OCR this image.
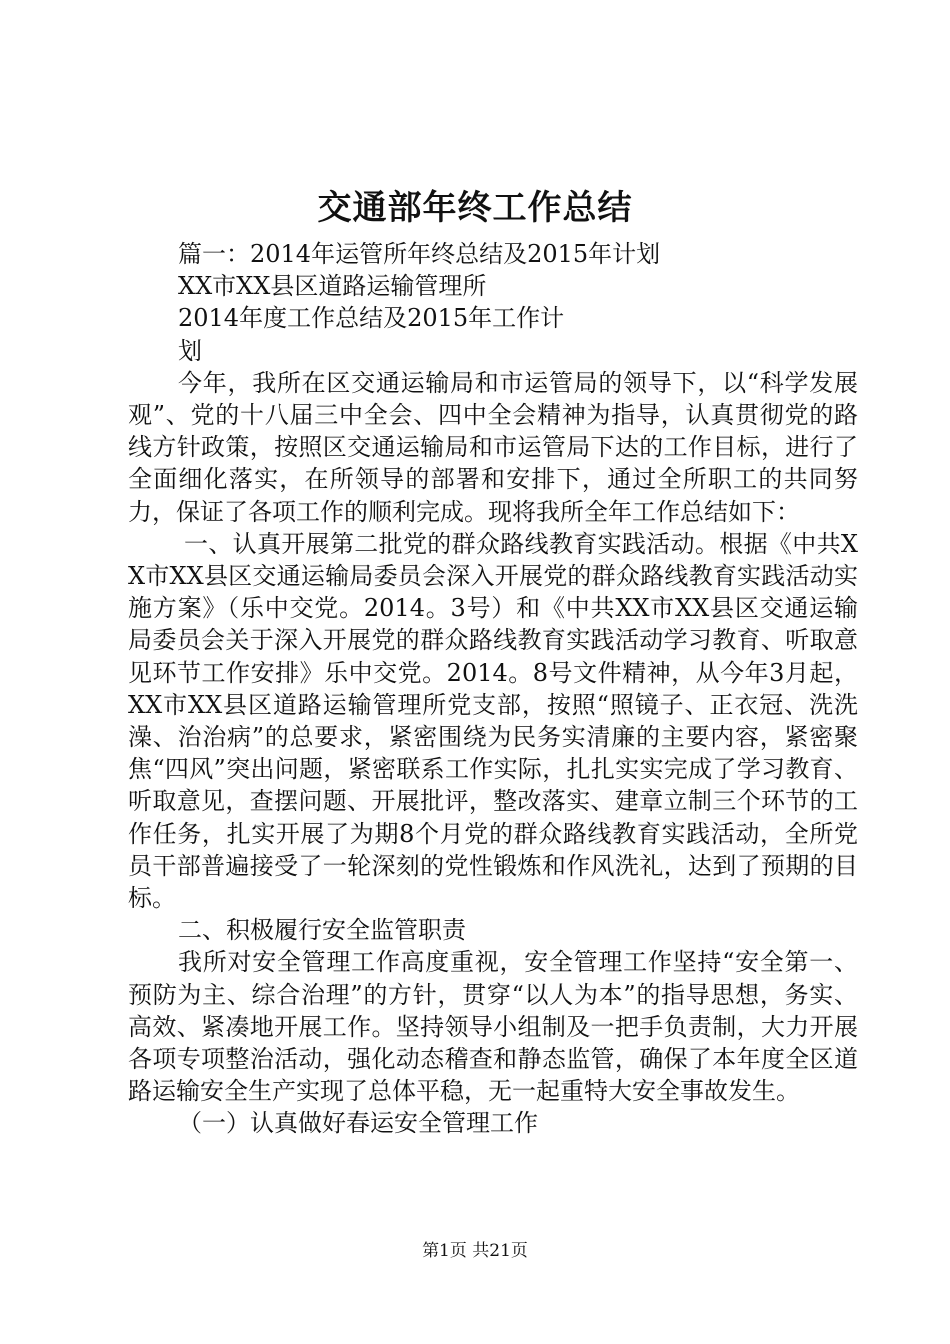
交通部年终工作总结

篇一：2014年运管所年终总结及2015年计划

XX市XX县区道路运输管理所

2014年度工作总结及2015年工作计

划

今年，我所在区交通运输局和市运管局的领导下，以“科学发展观”、党的十八届三中全会、四中全会精神为指导，认真贯彻党的路线方针政策，按照区交通运输局和市运管局下达的工作目标，进行了全面细化落实，在所领导的部署和安排下，通过全所职工的共同努力，保证了各项工作的顺利完成。现将我所全年工作总结如下：

一、认真开展第二批党的群众路线教育实践活动。根据《中共XX市XX县区交通运输局委员会深入开展党的群众路线教育实践活动实施方案》（乐中交党。2014。3号）和《中共XX市XX县区交通运输局委员会关于深入开展党的群众路线教育实践活动学习教育、听取意见环节工作安排》乐中交党。2014。8号文件精神，从今年3月起，XX市XX县区道路运输管理所党支部，按照“照镜子、正衣冠、洗洗澡、治治病”的总要求，紧密围绕为民务实清廉的主要内容，紧密聚焦“四风”突出问题，紧密联系工作实际，扎扎实实完成了学习教育、听取意见，查摆问题、开展批评，整改落实、建章立制三个环节的工作任务，扎实开展了为期8个月党的群众路线教育实践活动，全所党员干部普遍接受了一轮深刻的党性锻炼和作风洗礼，达到了预期的目标。

二、积极履行安全监管职责

我所对安全管理工作高度重视，安全管理工作坚持“安全第一、预防为主、综合治理”的方针，贯穿“以人为本”的指导思想，务实、高效、紧凑地开展工作。坚持领导小组制及一把手负责制，大力开展各项专项整治活动，强化动态稽查和静态监管，确保了本年度全区道路运输安全生产实现了总体平稳，无一起重特大安全事故发生。

（一）认真做好春运安全管理工作

第1页 共21页
